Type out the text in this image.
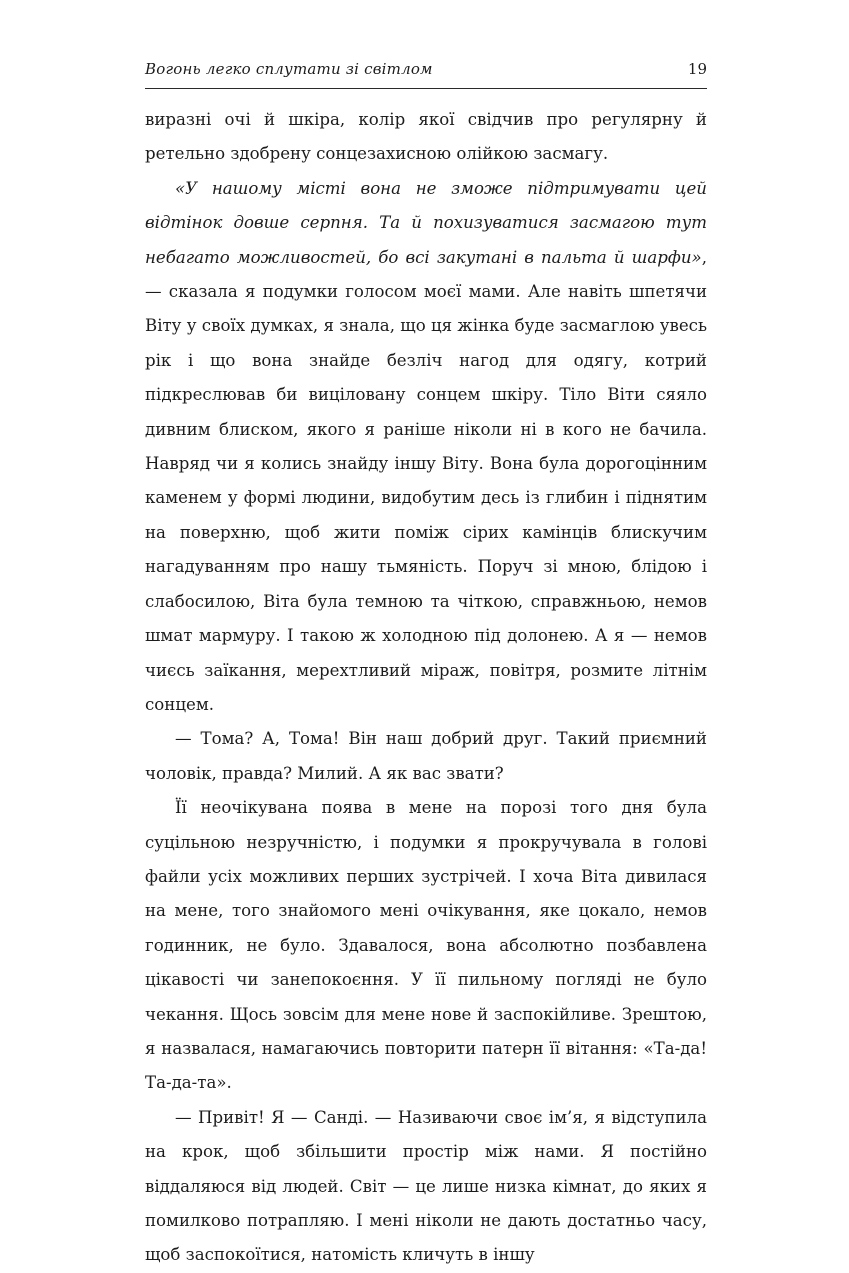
Вогонь легко сплутати зі світлом	19

виразні очі й шкіра, колір якої свідчив про регулярну й ретельно здобрену сонцезахисною олійкою засмагу.

«У нашому місті вона не зможе підтримувати цей відтінок довше серпня. Та й похизуватися засмагою тут небагато можливостей, бо всі закутані в пальта й шарфи», — сказала я подумки голосом моєї мами. Але навіть шпетячи Віту у своїх думках, я знала, що ця жінка буде засмаглою увесь рік і що вона знайде безліч нагод для одягу, котрий підкреслював би виціловану сонцем шкіру. Тіло Віти сяяло дивним блиском, якого я раніше ніколи ні в кого не бачила. Навряд чи я колись знайду іншу Віту. Вона була дорогоцінним каменем у формі людини, видобутим десь із глибин і піднятим на поверхню, щоб жити поміж сірих камінців блискучим нагадуванням про нашу тьмяність. Поруч зі мною, блідою і слабосилою, Віта була темною та чіткою, справжньою, немов шмат мармуру. І такою ж холодною під долонею. А я — немов чиєсь заїкання, мерехтливий міраж, повітря, розмите літнім сонцем.

— Тома? А, Тома! Він наш добрий друг. Такий приємний чоловік, правда? Милий. А як вас звати?

Її неочікувана поява в мене на порозі того дня була суцільною незручністю, і подумки я прокручувала в голові файли усіх можливих перших зустрічей. І хоча Віта дивилася на мене, того знайомого мені очікування, яке цокало, немов годинник, не було. Здавалося, вона абсолютно позбавлена цікавості чи занепокоєння. У її пильному погляді не було чекання. Щось зовсім для мене нове й заспокійливе. Зрештою, я назвалася, намагаючись повторити патерн її вітання: «Та-да! Та-да-та».

— Привіт! Я — Санді. — Називаючи своє ім’я, я відступила на крок, щоб збільшити простір між нами. Я постійно віддаляюся від людей. Світ — це лише низка кімнат, до яких я помилково потрапляю. І мені ніколи не дають достатньо часу, щоб заспокоїтися, натомість кличуть в іншу
